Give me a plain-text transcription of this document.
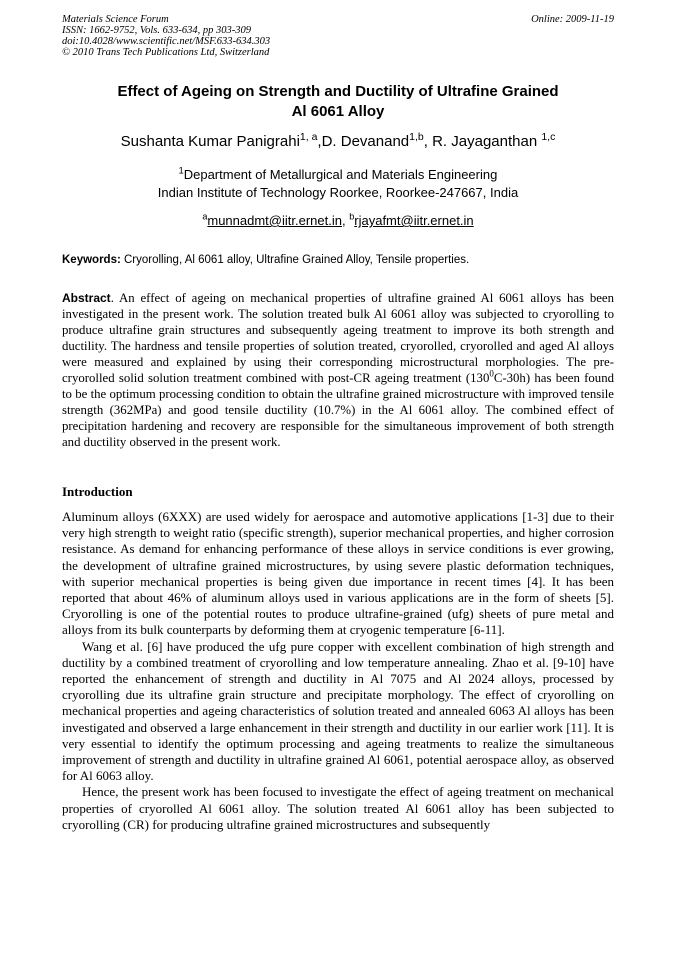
Materials Science Forum
ISSN: 1662-9752, Vols. 633-634, pp 303-309
doi:10.4028/www.scientific.net/MSF.633-634.303
© 2010 Trans Tech Publications Ltd, Switzerland
Online: 2009-11-19
Effect of Ageing on Strength and Ductility of Ultrafine Grained
Al 6061 Alloy
Sushanta Kumar Panigrahi$^{1, a}$,D. Devanand$^{1,b}$, R. Jayaganthan $^{1,c}$
$^1$Department of Metallurgical and Materials Engineering
Indian Institute of Technology Roorkee, Roorkee-247667, India
$^a$munnadmt@iitr.ernet.in, $^b$rjayafmt@iitr.ernet.in
Keywords: Cryorolling, Al 6061 alloy, Ultrafine Grained Alloy, Tensile properties.
Abstract. An effect of ageing on mechanical properties of ultrafine grained Al 6061 alloys has been investigated in the present work. The solution treated bulk Al 6061 alloy was subjected to cryorolling to produce ultrafine grain structures and subsequently ageing treatment to improve its both strength and ductility. The hardness and tensile properties of solution treated, cryorolled, cryorolled and aged Al alloys were measured and explained by using their corresponding microstructural morphologies. The pre-cryorolled solid solution treatment combined with post-CR ageing treatment $(130^0C-30h)$ has been found to be the optimum processing condition to obtain the ultrafine grained microstructure with improved tensile strength (362MPa) and good tensile ductility (10.7%) in the Al 6061 alloy. The combined effect of precipitation hardening and recovery are responsible for the simultaneous improvement of both strength and ductility observed in the present work.
Introduction

Aluminum alloys (6XXX) are used widely for aerospace and automotive applications [1-3] due to their very high strength to weight ratio (specific strength), superior mechanical properties, and higher corrosion resistance. As demand for enhancing performance of these alloys in service conditions is ever growing, the development of ultrafine grained microstructures, by using severe plastic deformation techniques, with superior mechanical properties is being given due importance in recent times [4]. It has been reported that about 46% of aluminum alloys used in various applications are in the form of sheets [5]. Cryorolling is one of the potential routes to produce ultrafine-grained (ufg) sheets of pure metal and alloys from its bulk counterparts by deforming them at cryogenic temperature [6-11].

Wang et al. [6] have produced the ufg pure copper with excellent combination of high strength and ductility by a combined treatment of cryorolling and low temperature annealing. Zhao et al. [9-10] have reported the enhancement of strength and ductility in Al 7075 and Al 2024 alloys, processed by cryorolling due its ultrafine grain structure and precipitate morphology. The effect of cryorolling on mechanical properties and ageing characteristics of solution treated and annealed 6063 Al alloys has been investigated and observed a large enhancement in their strength and ductility in our earlier work [11]. It is very essential to identify the optimum processing and ageing treatments to realize the simultaneous improvement of strength and ductility in ultrafine grained Al 6061, potential aerospace alloy, as observed for Al 6063 alloy.

Hence, the present work has been focused to investigate the effect of ageing treatment on mechanical properties of cryorolled Al 6061 alloy. The solution treated Al 6061 alloy has been subjected to cryorolling (CR) for producing ultrafine grained microstructures and subsequently
